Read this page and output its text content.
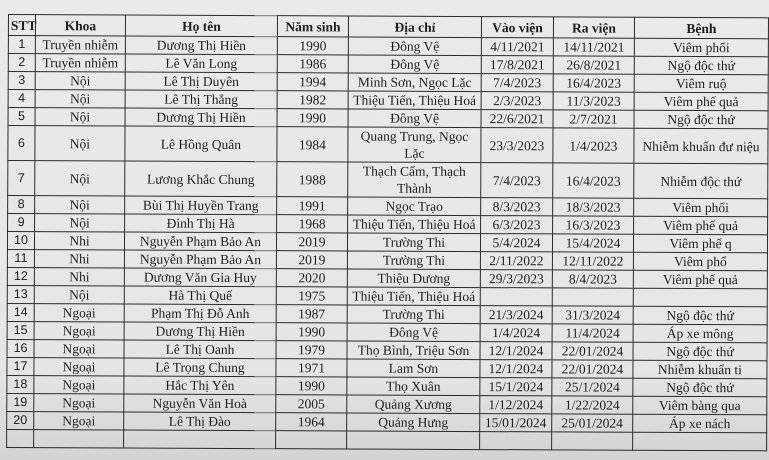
STT	Khoa	Họ tên	Năm sinh	Địa chỉ	Vào viện	Ra viện	Bệnh
1	Truyền nhiễm	Dương Thị Hiền	1990	Đông Vệ	4/11/2021	14/11/2021	Viêm phổi
2	Truyền nhiễm	Lê Văn Long	1986	Đông Vệ	17/8/2021	26/8/2021	Ngộ độc thứ
3	Nội	Lê Thị Duyên	1994	Minh Sơn, Ngọc Lặc	7/4/2023	16/4/2023	Viêm ruộ
4	Nội	Lê Thị Thắng	1982	Thiệu Tiến, Thiệu Hoá	2/3/2023	11/3/2023	Viêm phế quả
5	Nội	Dương Thị Hiền	1990	Đông Vệ	22/6/2021	2/7/2021	Ngộ độc thứ
6	Nội	Lê Hồng Quân	1984	Quang Trung, Ngọc Lặc	23/3/2023	1/4/2023	Nhiễm khuẩn đư niệu
7	Nội	Lương Khắc Chung	1988	Thạch Cẩm, Thạch Thành	7/4/2023	16/4/2023	Nhiễm độc thứ
8	Nội	Bùi Thị Huyền Trang	1991	Ngọc Trạo	8/3/2023	18/3/2023	Viêm phổi
9	Nội	Đinh Thị Hà	1968	Thiệu Tiến, Thiệu Hoá	6/3/2023	16/3/2023	Viêm phế quả
10	Nhi	Nguyễn Phạm Bảo An	2019	Trường Thi	5/4/2024	15/4/2024	Viêm phế q
11	Nhi	Nguyễn Phạm Bảo An	2019	Trường Thi	2/11/2022	12/11/2022	Viêm phổ
12	Nhi	Dương Văn Gia Huy	2020	Thiệu Dương	29/3/2023	8/4/2023	Viêm phế quả
13	Nội	Hà Thị Quế	1975	Thiệu Tiến, Thiệu Hoá			
14	Ngoại	Phạm Thị Đỗ Anh	1987	Trường Thi	21/3/2024	31/3/2024	Ngộ độc thứ
15	Ngoại	Dương Thị Hiền	1990	Đông Vệ	1/4/2024	11/4/2024	Áp xe mông
16	Ngoại	Lê Thị Oanh	1979	Thọ Bình, Triệu Sơn	12/1/2024	22/01/2024	Ngộ độc thứ
17	Ngoại	Lê Trọng Chung	1971	Lam Sơn	12/1/2024	22/01/2024	Nhiễm khuẩn ti
18	Ngoại	Hắc Thị Yên	1990	Thọ Xuân	15/1/2024	25/1/2024	Ngộ độc thứ
19	Ngoại	Nguyễn Văn Hoà	2005	Quảng Xương	1/12/2024	1/22/2024	Viêm bàng qua
20	Ngoại	Lê Thị Đào	1964	Quảng Hưng	15/01/2024	25/01/2024	Áp xe nách
